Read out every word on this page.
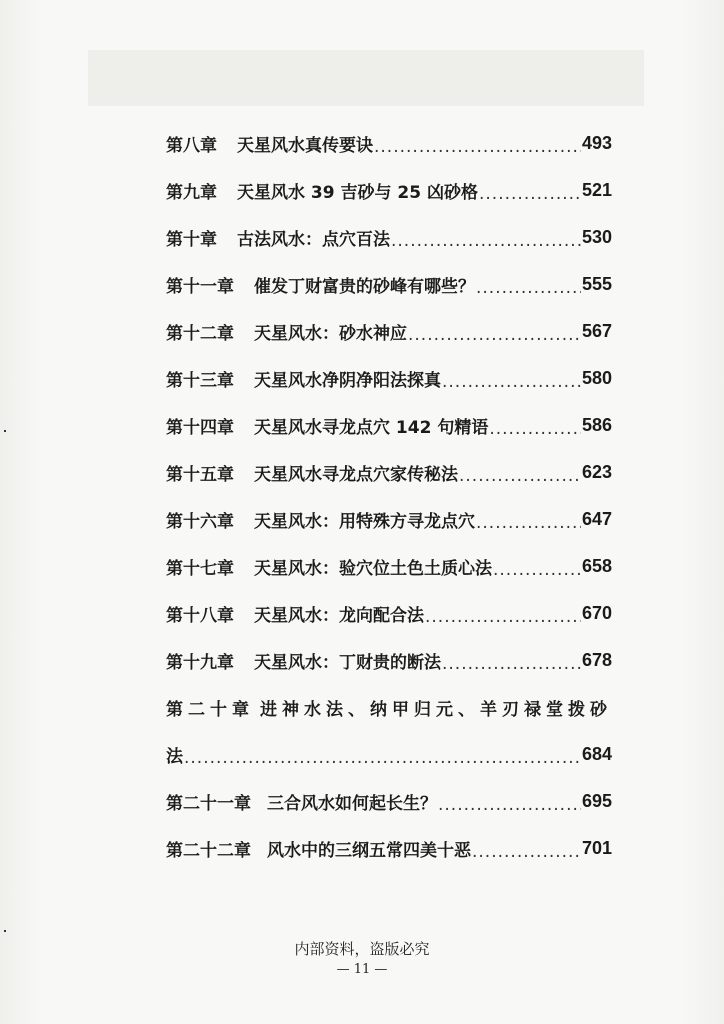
第八章 天星风水真传要诀 .....	493
第九章 天星风水 39 吉砂与 25 凶砂格 .....	521
第十章 古法风水：点穴百法 .....	530
第十一章 催发丁财富贵的砂峰有哪些？ .....	555
第十二章 天星风水：砂水神应 .....	567
第十三章 天星风水净阴净阳法探真 .....	580
第十四章 天星风水寻龙点穴 142 句精语 .....	586
第十五章 天星风水寻龙点穴家传秘法 .....	623
第十六章 天星风水：用特殊方寻龙点穴 .....	647
第十七章 天星风水：验穴位土色土质心法 .....	658
第十八章 天星风水：龙向配合法 .....	670
第十九章 天星风水：丁财贵的断法 .....	678
第二十章 进神水法、纳甲归元、羊刃禄堂拨砂
法 .....	684
第二十一章 三合风水如何起长生？ .....	695
第二十二章 风水中的三纲五常四美十恶 .....	701
内部资料，盗版必究
— 11 —
